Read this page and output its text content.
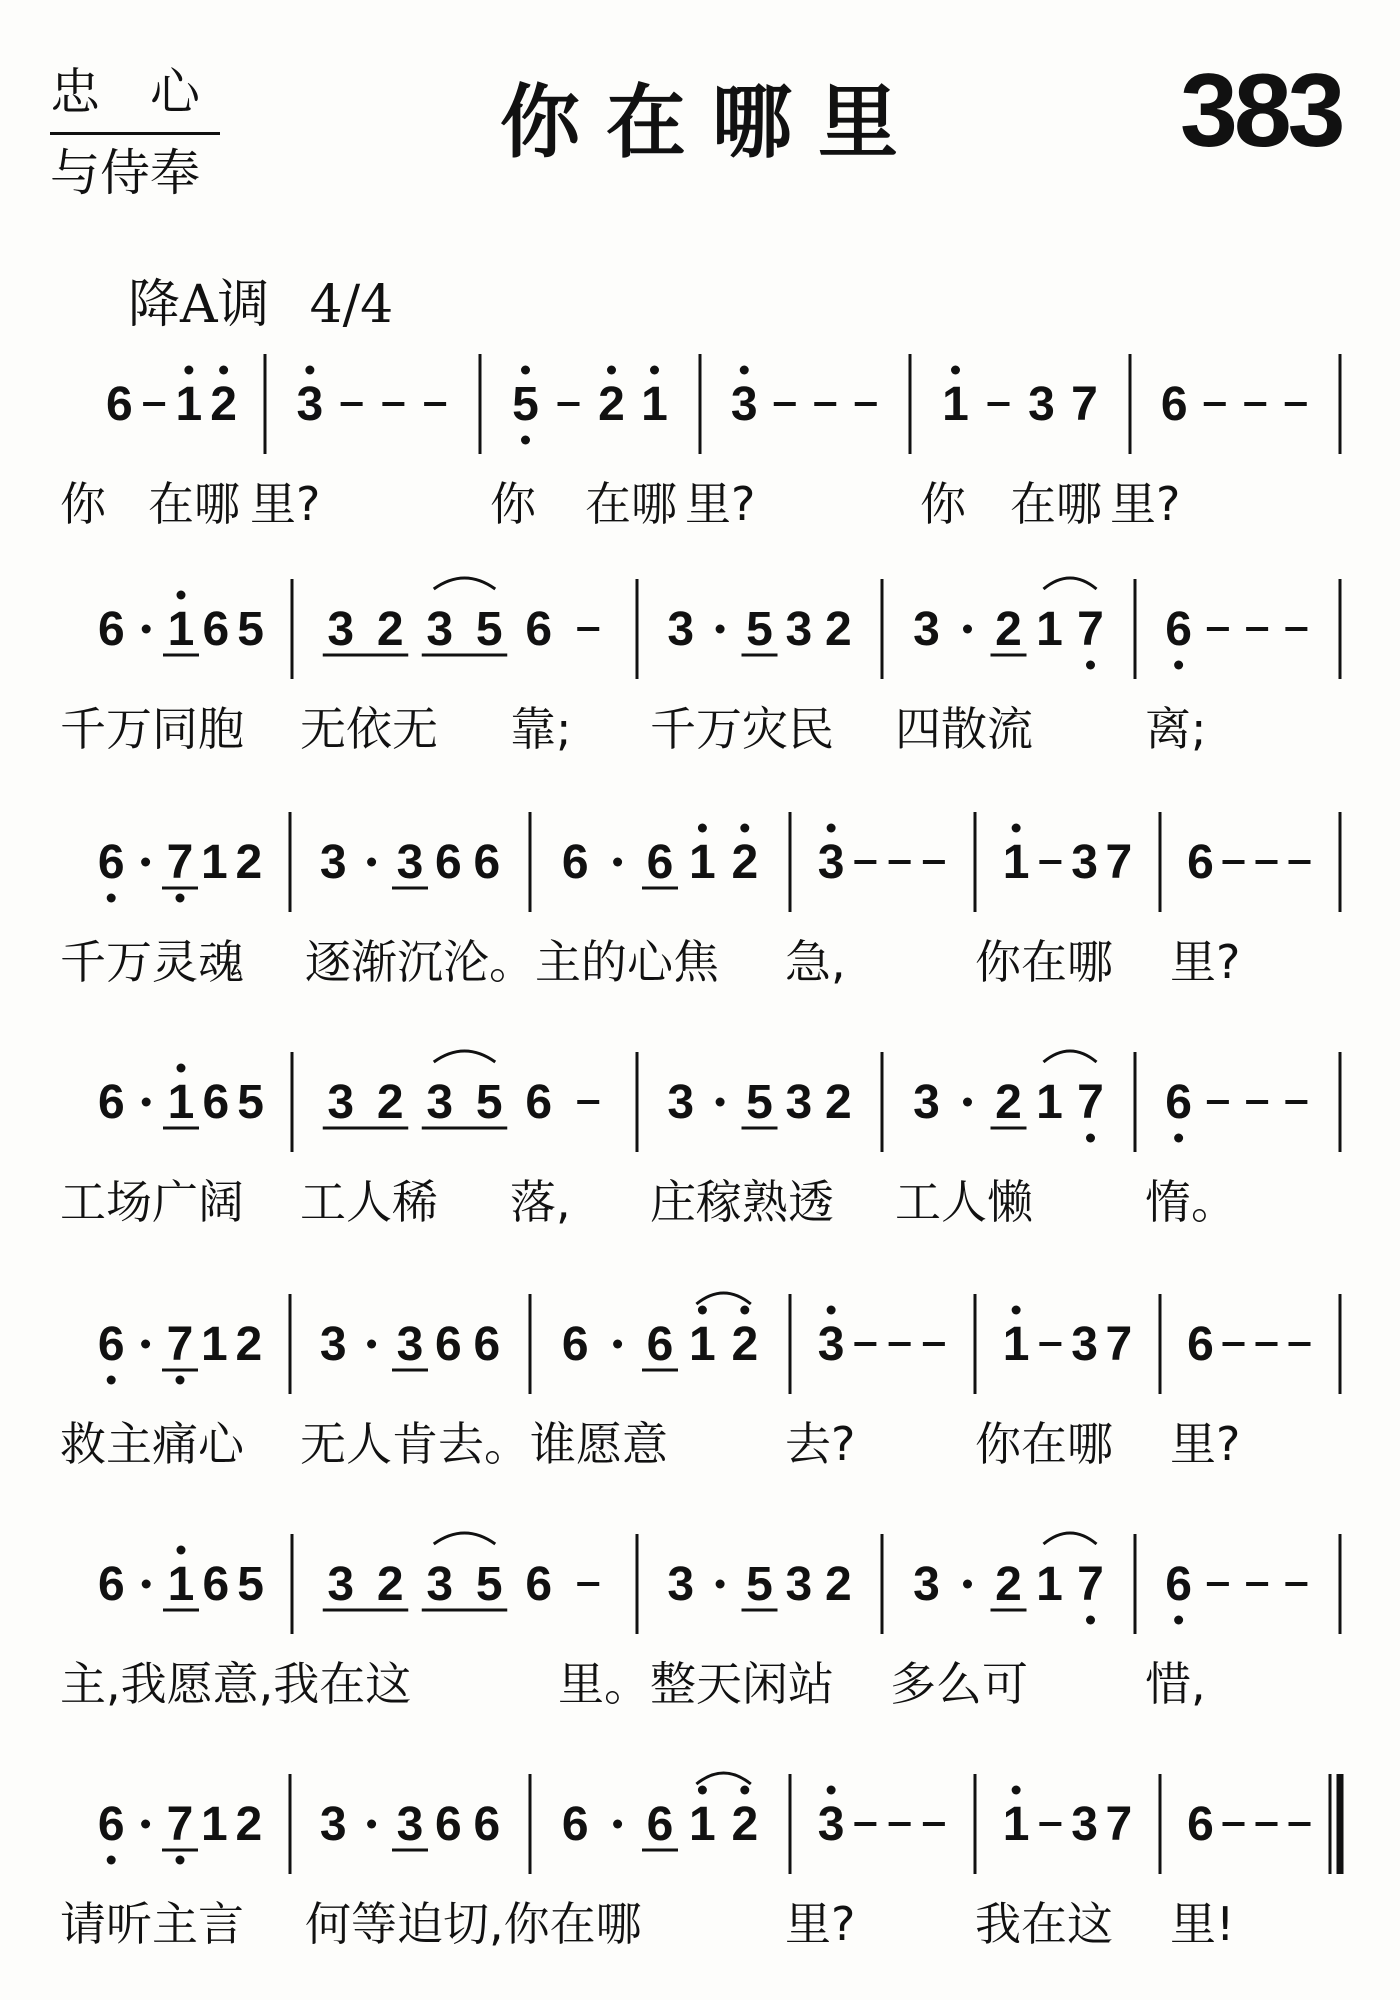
忠心
与侍奉
你在哪里 383
降A调 4/4
6 1 2 3	5 2 1 3	1 3 7 6
你 在哪 里?	你 在哪 里?	你 在哪 里?
6 1 6 5 3 2 3 5 6 3 5 3 2 3 2 1 7 6
千万同胞 无依无 靠; 千万灾民 四散流 离;
6 7 1 2 3 3 6 6 6 6 1 2 3	1 3 7 6
千万灵魂 逐渐沉沦。主的心焦 急,	你在哪 里?
6 1 6 5 3 2 3 5 6 3 5 3 2 3 2 1 7 6
工场广阔 工人稀 落, 庄稼熟透 工人懒 惰。
6 7 1 2 3 3 6 6 6 6 1 2 3	1 3 7 6
救主痛心 无人肯去。谁愿意	去?	你在哪 里?
6 1 6 5 3 2 3 5 6 3 5 3 2 3 2 1 7 6
主,我愿意,我在这	里。 整天闲站 多么可	惜,
6 7 1 2 3 3 6 6 6 6 1 2 3	1 3 7 6
请听主言 何等迫切,你在哪	里?	我在这 里!
